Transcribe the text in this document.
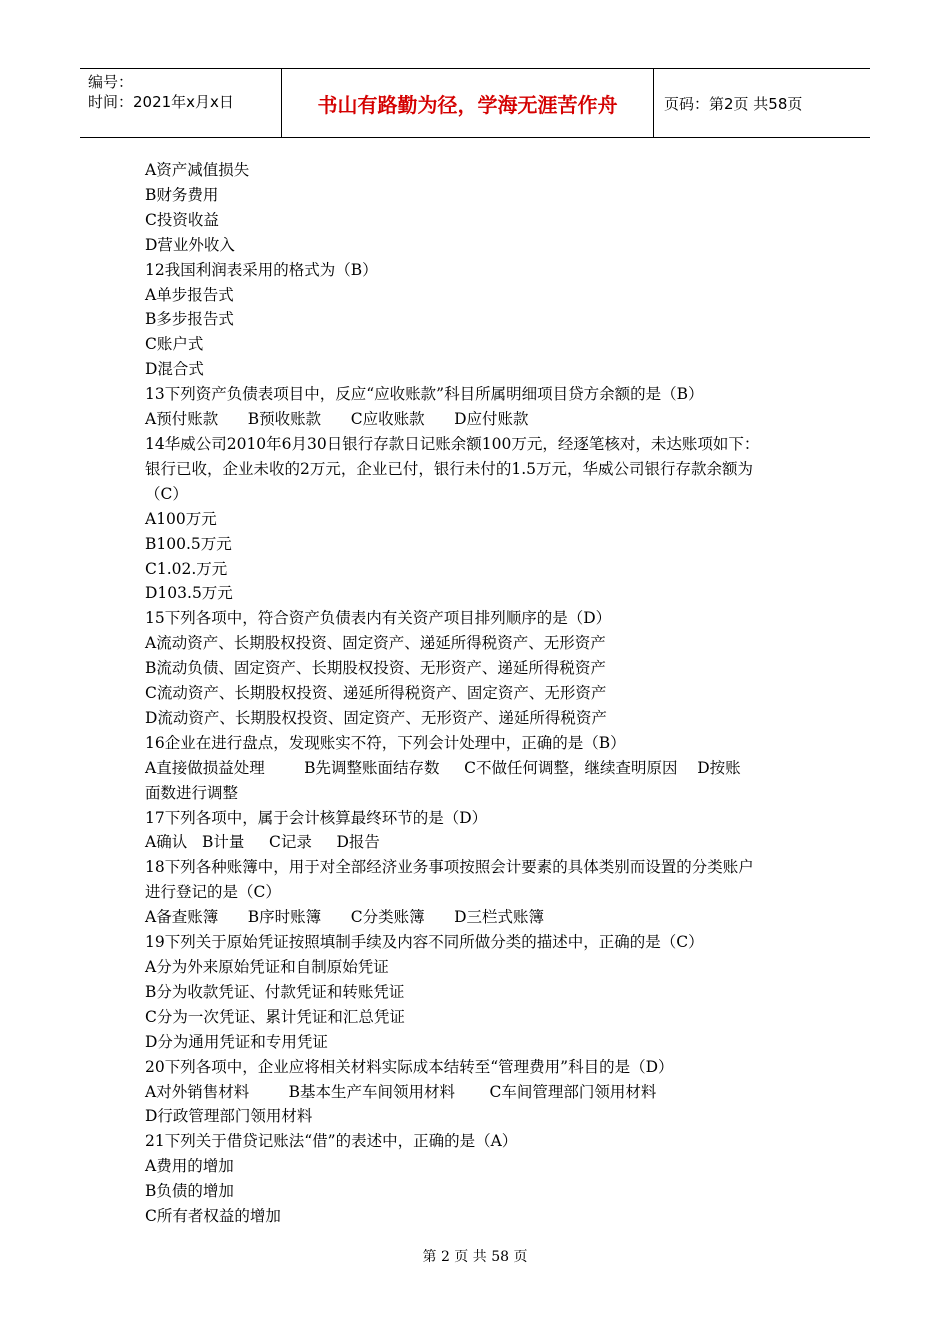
编号：
时间：2021年x月x日	书山有路勤为径，学海无涯苦作舟	页码：第2页 共58页
A资产减值损失
B财务费用
C投资收益
D营业外收入
12我国利润表采用的格式为（B）
A单步报告式
B多步报告式
C账户式
D混合式
13下列资产负债表项目中，反应“应收账款”科目所属明细项目贷方余额的是（B）
A预付账款      B预收账款      C应收账款      D应付账款
14华威公司2010年6月30日银行存款日记账余额100万元，经逐笔核对，未达账项如下：
银行已收，企业未收的2万元，企业已付，银行未付的1.5万元，华威公司银行存款余额为
（C）
A100万元
B100.5万元
C1.02.万元
D103.5万元
15下列各项中，符合资产负债表内有关资产项目排列顺序的是（D）
A流动资产、长期股权投资、固定资产、递延所得税资产、无形资产
B流动负债、固定资产、长期股权投资、无形资产、递延所得税资产
C流动资产、长期股权投资、递延所得税资产、固定资产、无形资产
D流动资产、长期股权投资、固定资产、无形资产、递延所得税资产
16企业在进行盘点，发现账实不符，下列会计处理中，正确的是（B）
A直接做损益处理        B先调整账面结存数     C不做任何调整，继续查明原因    D按账
面数进行调整
17下列各项中，属于会计核算最终环节的是（D）
A确认   B计量     C记录     D报告
18下列各种账簿中，用于对全部经济业务事项按照会计要素的具体类别而设置的分类账户
进行登记的是（C）
A备查账簿      B序时账簿      C分类账簿      D三栏式账簿
19下列关于原始凭证按照填制手续及内容不同所做分类的描述中，正确的是（C）
A分为外来原始凭证和自制原始凭证
B分为收款凭证、付款凭证和转账凭证
C分为一次凭证、累计凭证和汇总凭证
D分为通用凭证和专用凭证
20下列各项中，企业应将相关材料实际成本结转至“管理费用”科目的是（D）
A对外销售材料        B基本生产车间领用材料       C车间管理部门领用材料
D行政管理部门领用材料
21下列关于借贷记账法“借”的表述中，正确的是（A）
A费用的增加
B负债的增加
C所有者权益的增加
第 2 页 共 58 页
